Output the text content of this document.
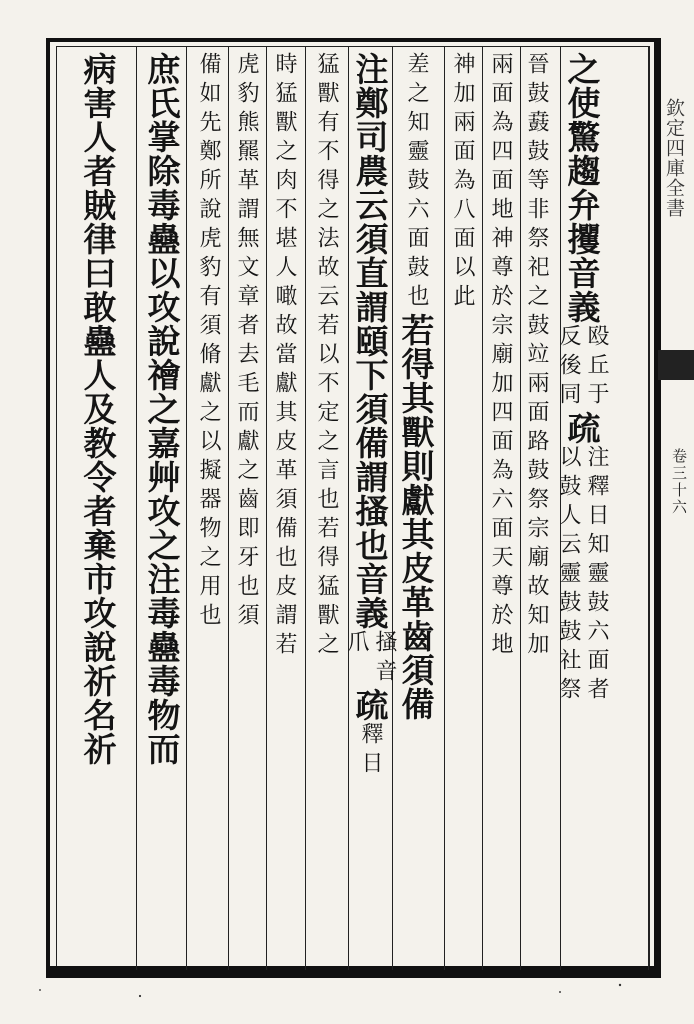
欽定四庫全書
卷三十六
之使驚趨弁攫音義
殴丘于
反後同
疏
注釋日知靈鼓六面者
以鼓人云靈鼓鼓社祭
晉鼓鼖鼓等非祭祀之鼓竝兩面路鼓祭宗廟故知加
兩面為四面地神尊於宗廟加四面為六面天尊於地
神加兩面為八面以此
差之知靈鼓六面鼓也
若得其獸則獻其皮革齒須備
注鄭司農云須直謂頤下須備謂搔也音義
搔音
爪
疏
釋日
猛獸有不得之法故云若以不定之言也若得猛獸之
時猛獸之肉不堪人噉故當獻其皮革須備也皮謂若
虎豹熊羆革謂無文章者去毛而獻之齒即牙也須
備如先鄭所說虎豹有須脩獻之以擬器物之用也
庶氏掌除毒蠱以攻說禬之嘉艸攻之注毒蠱毒物而
病害人者賊律曰敢蠱人及教令者棄市攻說祈名祈
